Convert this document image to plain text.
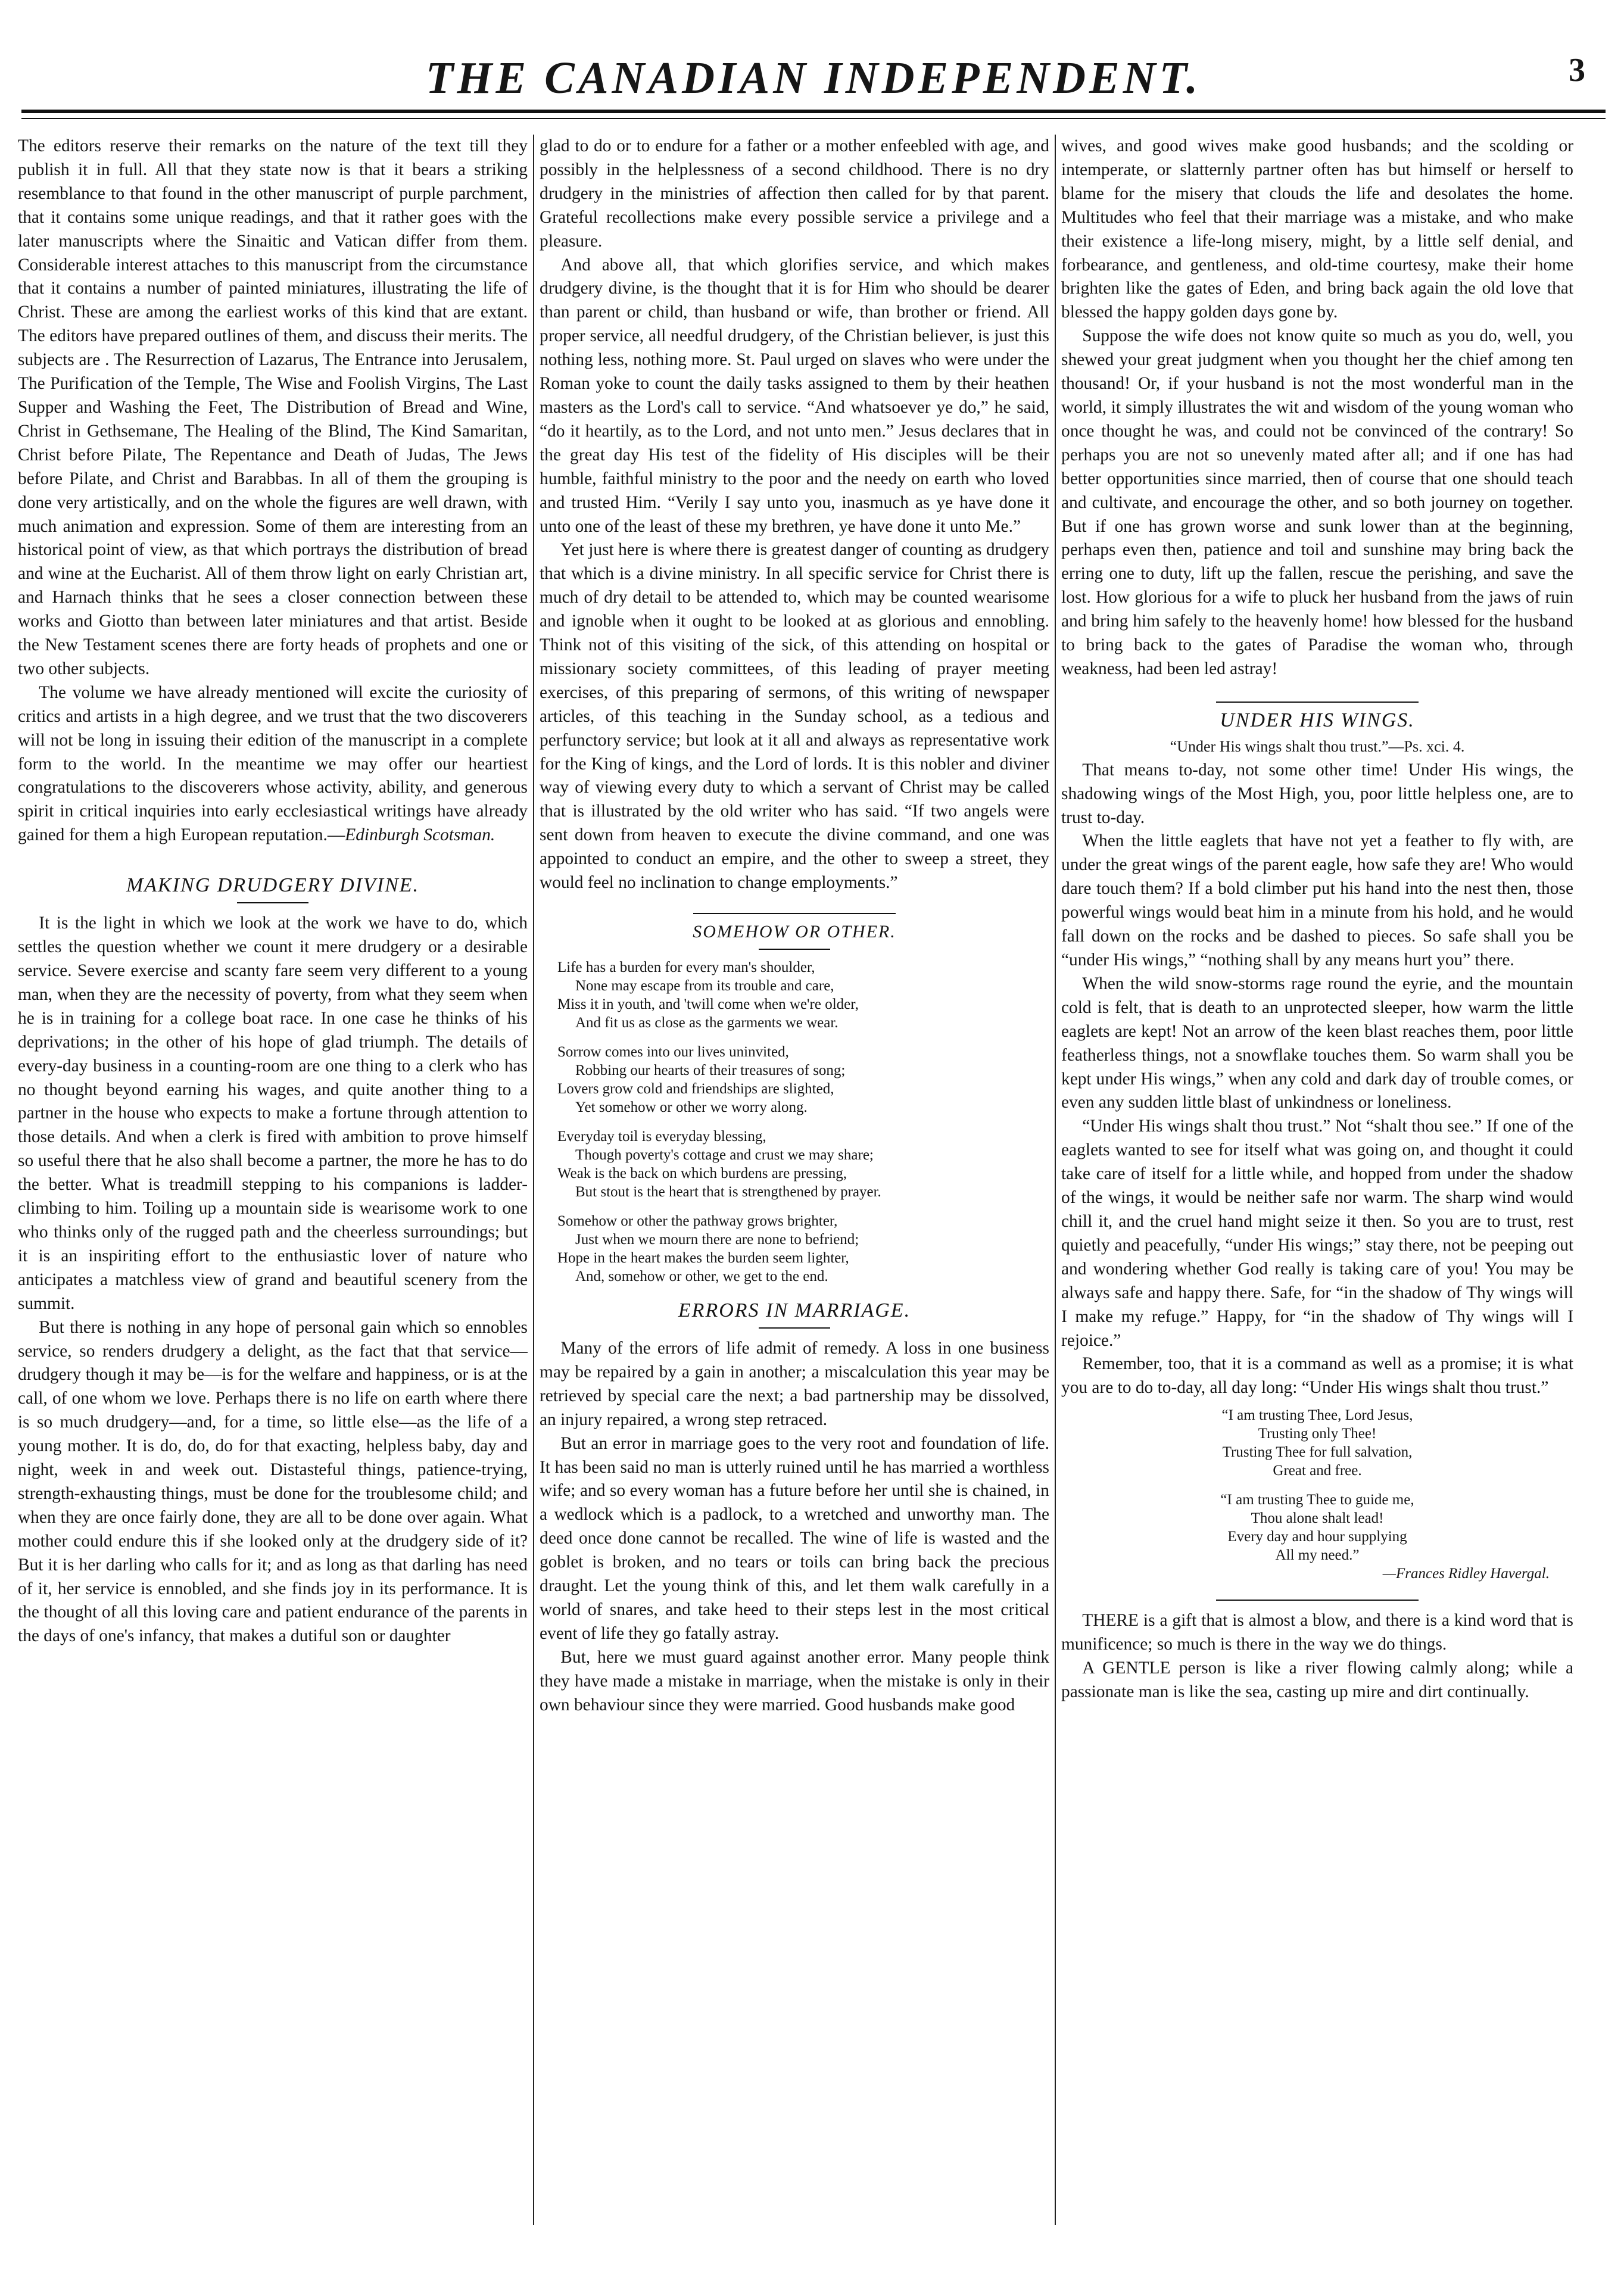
THE CANADIAN INDEPENDENT.	3

The editors reserve their remarks on the nature of the text till they publish it in full. All that they state now is that it bears a striking resemblance to that found in the other manuscript of purple parchment, that it contains some unique readings, and that it rather goes with the later manuscripts where the Sinaitic and Vatican differ from them. Considerable interest attaches to this manuscript from the circumstance that it contains a number of painted miniatures, illustrating the life of Christ. These are among the earliest works of this kind that are extant. The editors have prepared outlines of them, and discuss their merits. The subjects are . The Resurrection of Lazarus, The Entrance into Jerusalem, The Purification of the Temple, The Wise and Foolish Virgins, The Last Supper and Washing the Feet, The Distribution of Bread and Wine, Christ in Gethsemane, The Healing of the Blind, The Kind Samaritan, Christ before Pilate, The Repentance and Death of Judas, The Jews before Pilate, and Christ and Barabbas. In all of them the grouping is done very artistically, and on the whole the figures are well drawn, with much animation and expression. Some of them are interesting from an historical point of view, as that which portrays the distribution of bread and wine at the Eucharist. All of them throw light on early Christian art, and Harnach thinks that he sees a closer connection between these works and Giotto than between later miniatures and that artist. Beside the New Testament scenes there are forty heads of prophets and one or two other subjects.

The volume we have already mentioned will excite the curiosity of critics and artists in a high degree, and we trust that the two discoverers will not be long in issuing their edition of the manuscript in a complete form to the world. In the meantime we may offer our heartiest congratulations to the discoverers whose activity, ability, and generous spirit in critical inquiries into early ecclesiastical writings have already gained for them a high European reputation.—Edinburgh Scotsman.

MAKING DRUDGERY DIVINE.

It is the light in which we look at the work we have to do, which settles the question whether we count it mere drudgery or a desirable service. Severe exercise and scanty fare seem very different to a young man, when they are the necessity of poverty, from what they seem when he is in training for a college boat race. In one case he thinks of his deprivations; in the other of his hope of glad triumph. The details of every-day business in a counting-room are one thing to a clerk who has no thought beyond earning his wages, and quite another thing to a partner in the house who expects to make a fortune through attention to those details. And when a clerk is fired with ambition to prove himself so useful there that he also shall become a partner, the more he has to do the better. What is treadmill stepping to his companions is ladder-climbing to him. Toiling up a mountain side is wearisome work to one who thinks only of the rugged path and the cheerless surroundings; but it is an inspiriting effort to the enthusiastic lover of nature who anticipates a matchless view of grand and beautiful scenery from the summit.

But there is nothing in any hope of personal gain which so ennobles service, so renders drudgery a delight, as the fact that that service—drudgery though it may be—is for the welfare and happiness, or is at the call, of one whom we love. Perhaps there is no life on earth where there is so much drudgery—and, for a time, so little else—as the life of a young mother. It is do, do, do for that exacting, helpless baby, day and night, week in and week out. Distasteful things, patience-trying, strength-exhausting things, must be done for the troublesome child; and when they are once fairly done, they are all to be done over again. What mother could endure this if she looked only at the drudgery side of it? But it is her darling who calls for it; and as long as that darling has need of it, her service is ennobled, and she finds joy in its performance. It is the thought of all this loving care and patient endurance of the parents in the days of one's infancy, that makes a dutiful son or daughter

glad to do or to endure for a father or a mother enfeebled with age, and possibly in the helplessness of a second childhood. There is no dry drudgery in the ministries of affection then called for by that parent. Grateful recollections make every possible service a privilege and a pleasure.

And above all, that which glorifies service, and which makes drudgery divine, is the thought that it is for Him who should be dearer than parent or child, than husband or wife, than brother or friend. All proper service, all needful drudgery, of the Christian believer, is just this nothing less, nothing more. St. Paul urged on slaves who were under the Roman yoke to count the daily tasks assigned to them by their heathen masters as the Lord's call to service. “And whatsoever ye do,” he said, “do it heartily, as to the Lord, and not unto men.” Jesus declares that in the great day His test of the fidelity of His disciples will be their humble, faithful ministry to the poor and the needy on earth who loved and trusted Him. “Verily I say unto you, inasmuch as ye have done it unto one of the least of these my brethren, ye have done it unto Me.”

Yet just here is where there is greatest danger of counting as drudgery that which is a divine ministry. In all specific service for Christ there is much of dry detail to be attended to, which may be counted wearisome and ignoble when it ought to be looked at as glorious and ennobling. Think not of this visiting of the sick, of this attending on hospital or missionary society committees, of this leading of prayer meeting exercises, of this preparing of sermons, of this writing of newspaper articles, of this teaching in the Sunday school, as a tedious and perfunctory service; but look at it all and always as representative work for the King of kings, and the Lord of lords. It is this nobler and diviner way of viewing every duty to which a servant of Christ may be called that is illustrated by the old writer who has said. “If two angels were sent down from heaven to execute the divine command, and one was appointed to conduct an empire, and the other to sweep a street, they would feel no inclination to change employments.”

SOMEHOW OR OTHER.
Life has a burden for every man's shoulder,
None may escape from its trouble and care,
Miss it in youth, and 'twill come when we're older,
And fit us as close as the garments we wear.
Sorrow comes into our lives uninvited,
Robbing our hearts of their treasures of song;
Lovers grow cold and friendships are slighted,
Yet somehow or other we worry along.
Everyday toil is everyday blessing,
Though poverty's cottage and crust we may share;
Weak is the back on which burdens are pressing,
But stout is the heart that is strengthened by prayer.
Somehow or other the pathway grows brighter,
Just when we mourn there are none to befriend;
Hope in the heart makes the burden seem lighter,
And, somehow or other, we get to the end.
ERRORS IN MARRIAGE.

Many of the errors of life admit of remedy. A loss in one business may be repaired by a gain in another; a miscalculation this year may be retrieved by special care the next; a bad partnership may be dissolved, an injury repaired, a wrong step retraced.

But an error in marriage goes to the very root and foundation of life. It has been said no man is utterly ruined until he has married a worthless wife; and so every woman has a future before her until she is chained, in a wedlock which is a padlock, to a wretched and unworthy man. The deed once done cannot be recalled. The wine of life is wasted and the goblet is broken, and no tears or toils can bring back the precious draught. Let the young think of this, and let them walk carefully in a world of snares, and take heed to their steps lest in the most critical event of life they go fatally astray.

But, here we must guard against another error. Many people think they have made a mistake in marriage, when the mistake is only in their own behaviour since they were married. Good husbands make good

wives, and good wives make good husbands; and the scolding or intemperate, or slatternly partner often has but himself or herself to blame for the misery that clouds the life and desolates the home. Multitudes who feel that their marriage was a mistake, and who make their existence a life-long misery, might, by a little self denial, and forbearance, and gentleness, and old-time courtesy, make their home brighten like the gates of Eden, and bring back again the old love that blessed the happy golden days gone by.

Suppose the wife does not know quite so much as you do, well, you shewed your great judgment when you thought her the chief among ten thousand! Or, if your husband is not the most wonderful man in the world, it simply illustrates the wit and wisdom of the young woman who once thought he was, and could not be convinced of the contrary! So perhaps you are not so unevenly mated after all; and if one has had better opportunities since married, then of course that one should teach and cultivate, and encourage the other, and so both journey on together. But if one has grown worse and sunk lower than at the beginning, perhaps even then, patience and toil and sunshine may bring back the erring one to duty, lift up the fallen, rescue the perishing, and save the lost. How glorious for a wife to pluck her husband from the jaws of ruin and bring him safely to the heavenly home! how blessed for the husband to bring back to the gates of Paradise the woman who, through weakness, had been led astray!

UNDER HIS WINGS.

“Under His wings shalt thou trust.”—Ps. xci. 4.

That means to-day, not some other time! Under His wings, the shadowing wings of the Most High, you, poor little helpless one, are to trust to-day.

When the little eaglets that have not yet a feather to fly with, are under the great wings of the parent eagle, how safe they are! Who would dare touch them? If a bold climber put his hand into the nest then, those powerful wings would beat him in a minute from his hold, and he would fall down on the rocks and be dashed to pieces. So safe shall you be “under His wings,” “nothing shall by any means hurt you” there.

When the wild snow-storms rage round the eyrie, and the mountain cold is felt, that is death to an unprotected sleeper, how warm the little eaglets are kept! Not an arrow of the keen blast reaches them, poor little featherless things, not a snowflake touches them. So warm shall you be kept under His wings,” when any cold and dark day of trouble comes, or even any sudden little blast of unkindness or loneliness.

“Under His wings shalt thou trust.” Not “shalt thou see.” If one of the eaglets wanted to see for itself what was going on, and thought it could take care of itself for a little while, and hopped from under the shadow of the wings, it would be neither safe nor warm. The sharp wind would chill it, and the cruel hand might seize it then. So you are to trust, rest quietly and peacefully, “under His wings;” stay there, not be peeping out and wondering whether God really is taking care of you! You may be always safe and happy there. Safe, for “in the shadow of Thy wings will I make my refuge.” Happy, for “in the shadow of Thy wings will I rejoice.”

Remember, too, that it is a command as well as a promise; it is what you are to do to-day, all day long: “Under His wings shalt thou trust.”

“I am trusting Thee, Lord Jesus,
Trusting only Thee!
Trusting Thee for full salvation,
Great and free.
“I am trusting Thee to guide me,
Thou alone shalt lead!
Every day and hour supplying
All my need.”
—Frances Ridley Havergal.

THERE is a gift that is almost a blow, and there is a kind word that is munificence; so much is there in the way we do things.

A GENTLE person is like a river flowing calmly along; while a passionate man is like the sea, casting up mire and dirt continually.
